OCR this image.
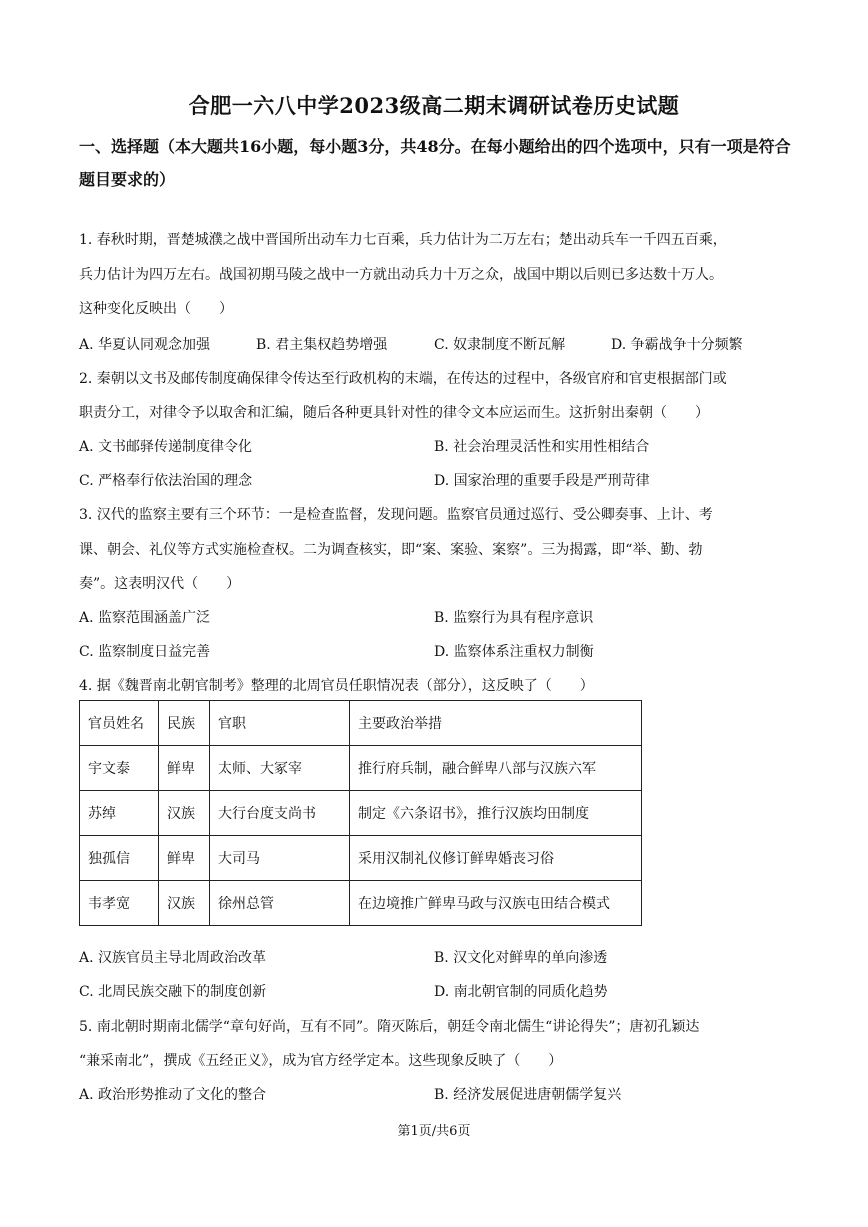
合肥一六八中学2023级高二期末调研试卷历史试题
一、选择题（本大题共16小题，每小题3分，共48分。在每小题给出的四个选项中，只有一项是符合题目要求的）
1. 春秋时期，晋楚城濮之战中晋国所出动车力七百乘，兵力估计为二万左右；楚出动兵车一千四五百乘，
兵力估计为四万左右。战国初期马陵之战中一方就出动兵力十万之众，战国中期以后则已多达数十万人。
这种变化反映出（　　）
A. 华夏认同观念加强	B. 君主集权趋势增强	C. 奴隶制度不断瓦解	D. 争霸战争十分频繁
2. 秦朝以文书及邮传制度确保律令传达至行政机构的末端，在传达的过程中，各级官府和官吏根据部门或
职责分工，对律令予以取舍和汇编，随后各种更具针对性的律令文本应运而生。这折射出秦朝（　　）
A. 文书邮驿传递制度律令化	B. 社会治理灵活性和实用性相结合
C. 严格奉行依法治国的理念	D. 国家治理的重要手段是严刑苛律
3. 汉代的监察主要有三个环节：一是检查监督，发现问题。监察官员通过巡行、受公卿奏事、上计、考
课、朝会、礼仪等方式实施检查权。二为调查核实，即“案、案验、案察”。三为揭露，即“举、勤、勃
奏”。这表明汉代（　　）
A. 监察范围涵盖广泛	B. 监察行为具有程序意识
C. 监察制度日益完善	D. 监察体系注重权力制衡
4. 据《魏晋南北朝官制考》整理的北周官员任职情况表（部分），这反映了（　　）
官员姓名	民族	官职	主要政治举措
宇文泰	鲜卑	太师、大冢宰	推行府兵制，融合鲜卑八部与汉族六军
苏绰	汉族	大行台度支尚书	制定《六条诏书》，推行汉族均田制度
独孤信	鲜卑	大司马	采用汉制礼仪修订鲜卑婚丧习俗
韦孝宽	汉族	徐州总管	在边境推广鲜卑马政与汉族屯田结合模式
A. 汉族官员主导北周政治改革	B. 汉文化对鲜卑的单向渗透
C. 北周民族交融下的制度创新	D. 南北朝官制的同质化趋势
5. 南北朝时期南北儒学“章句好尚，互有不同”。隋灭陈后，朝廷令南北儒生“讲论得失”；唐初孔颖达
“兼采南北”，撰成《五经正义》，成为官方经学定本。这些现象反映了（　　）
A. 政治形势推动了文化的整合	B. 经济发展促进唐朝儒学复兴
第1页/共6页
